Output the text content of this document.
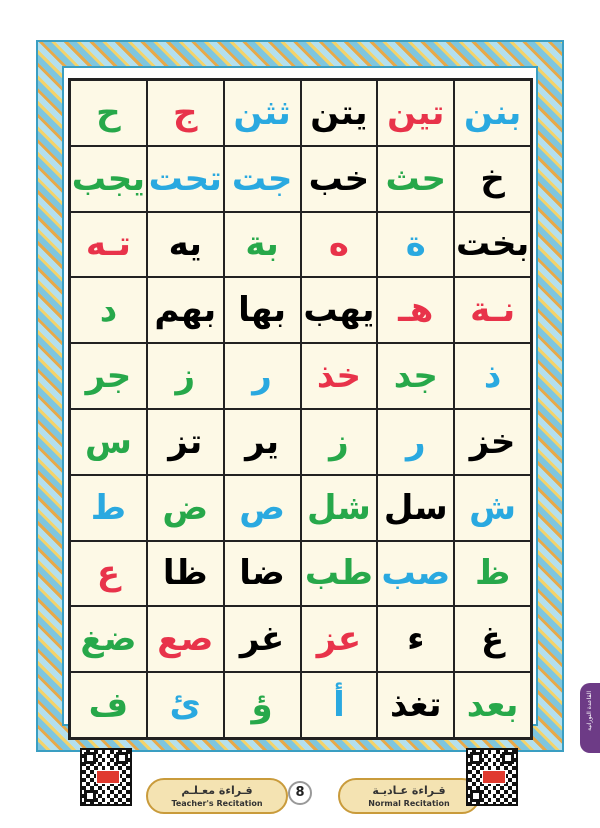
بنن
تين
يتن
ثثن
ج
ح
خ
حث
خب
جت
تحت
يجب
بخت
ة
ه
بة
يه
تـه
نـة
هـ
يهب
بها
بهم
د
ذ
جد
خذ
ر
ز
جر
خز
ر
ز
ير
تز
س
ش
سل
شل
ص
ض
ط
ظ
صب
طب
ضا
ظا
ع
غ
ء
عز
غر
صع
ضغ
بعد
تغذ
أ
ؤ
ئ
ف
قـراءة معـلـم
Teacher's Recitation
8	قـراءة عـاديـة
Normal Recitation
القاعدة النورانية
